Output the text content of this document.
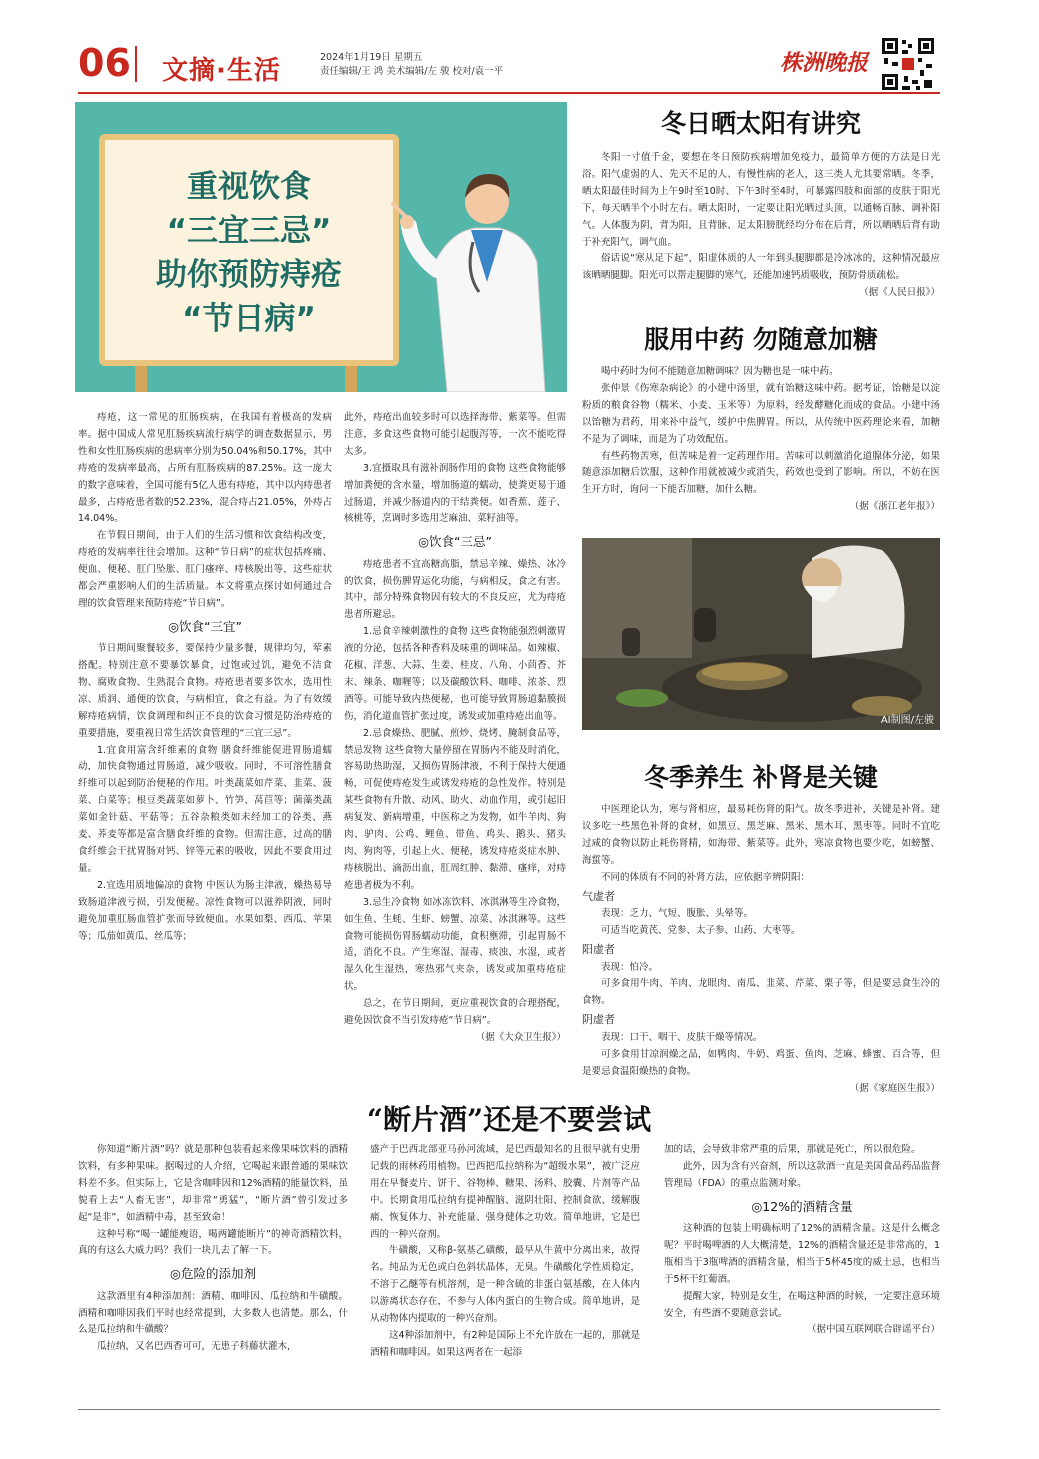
06 文摘·生活	2024年1月19日 星期五
责任编辑/王 鸿 美术编辑/左 骏 校对/袁一平	株洲晚报
重视饮食
“三宜三忌”
助你预防痔疮
“节日病”

痔疮，这一常见的肛肠疾病，在我国有着极高的发病率。据中国成人常见肛肠疾病流行病学的调查数据显示，男性和女性肛肠疾病的患病率分别为50.04%和50.17%，其中痔疮的发病率最高，占所有肛肠疾病的87.25%。这一庞大的数字意味着，全国可能有5亿人患有痔疮，其中以内痔患者最多，占痔疮患者数的52.23%，混合痔占21.05%，外痔占14.04%。

在节假日期间，由于人们的生活习惯和饮食结构改变，痔疮的发病率往往会增加。这种“节日病”的症状包括疼痛、便血、便秘、肛门坠胀、肛门瘙痒、痔核脱出等，这些症状都会严重影响人们的生活质量。本文将重点探讨如何通过合理的饮食管理来预防痔疮“节日病”。

◎饮食“三宜”

节日期间聚餐较多，要保持少量多餐，规律均匀，荤素搭配。特别注意不要暴饮暴食，过饱或过饥，避免不洁食物、腐败食物、生熟混合食物。痔疮患者要多饮水，选用性凉、质润、通便的饮食，与病相宜，食之有益。为了有效缓解痔疮病情，饮食调理和纠正不良的饮食习惯是防治痔疮的重要措施，要重视日常生活饮食管理的“三宜三忌”。

1.宜食用富含纤维素的食物 膳食纤维能促进胃肠道蠕动，加快食物通过胃肠道，减少吸收。同时，不可溶性膳食纤维可以起到防治便秘的作用。叶类蔬菜如芹菜、韭菜、菠菜、白菜等；根豆类蔬菜如萝卜、竹笋、莴苣等；菌藻类蔬菜如金针菇、平菇等；五谷杂粮类如未经加工的谷类、燕麦、荞麦等都是富含膳食纤维的食物。但需注意，过高的膳食纤维会干扰胃肠对钙、锌等元素的吸收，因此不要食用过量。

2.宜选用质地偏凉的食物 中医认为肠主津液，燥热易导致肠道津液亏损，引发便秘。凉性食物可以滋养阴液，同时避免加重肛肠血管扩张而导致便血。水果如梨、西瓜、苹果等；瓜茄如黄瓜、丝瓜等；

此外，痔疮出血较多时可以选择海带、紫菜等。但需注意，多食这些食物可能引起腹泻等，一次不能吃得太多。

3.宜摄取具有滋补润肠作用的食物 这些食物能够增加粪便的含水量，增加肠道的蠕动，使粪更易于通过肠道，并减少肠道内的干结粪便。如香蕉、莲子、核桃等，烹调时多选用芝麻油、菜籽油等。

◎饮食“三忌”

痔疮患者不宜高糖高脂，禁忌辛辣、燥热、冰冷的饮食，损伤脾胃运化功能，与病相反，食之有害。其中，部分特殊食物因有较大的不良反应，尤为痔疮患者所避忌。

1.忌食辛辣刺激性的食物 这些食物能强烈刺激胃液的分泌，包括各种香料及味重的调味品。如辣椒、花椒、洋葱、大蒜、生姜、桂皮、八角、小茴香、芥末、辣条、咖喱等；以及碳酸饮料、咖啡、浓茶、烈酒等。可能导致内热便秘，也可能导致胃肠道黏膜损伤，消化道血管扩张过度，诱发或加重痔疮出血等。

2.忌食燥热、肥腻、煎炒、烧烤、腌制食品等，禁忌发物 这些食物大量停留在胃肠内不能及时消化，容易助热助湿，又损伤胃肠津液，不利于保持大便通畅，可促使痔疮发生或诱发痔疮的急性发作。特别是某些食物有升散、动风、助火、动血作用，或引起旧病复发、新病增重，中医称之为发物，如牛羊肉、狗肉、驴肉、公鸡、鲤鱼、带鱼、鸡头、鹅头、猪头肉、狗肉等，引起上火、便秘，诱发痔疮炎症水肿、痔核脱出、滴沥出血，肛周红肿、黏滞、瘙痒，对痔疮患者极为不利。

3.忌生冷食物 如冰冻饮料、冰淇淋等生冷食物，如生鱼、生蚝、生虾、螃蟹、凉菜、冰淇淋等。这些食物可能损伤胃肠蠕动功能，食积壅滞，引起胃肠不适，消化不良。产生寒湿、湿毒、痰浊、水湿，或者湿久化生湿热，寒热邪气夹杂，诱发或加重痔疮症状。

总之，在节日期间，更应重视饮食的合理搭配，避免因饮食不当引发痔疮“节日病”。

（据《大众卫生报》）

冬日晒太阳有讲究

冬阳一寸值千金，要想在冬日预防疾病增加免疫力，最简单方便的方法是日光浴。阳气虚弱的人、先天不足的人、有慢性病的老人，这三类人尤其要常晒。冬季，晒太阳最佳时间为上午9时至10时、下午3时至4时，可暴露四肢和面部的皮肤于阳光下，每天晒半个小时左右。晒太阳时，一定要让阳光晒过头顶，以通畅百脉、调补阳气。人体腹为阴，背为阳，且背脉、足太阳膀胱经均分布在后背，所以晒晒后背有助于补充阳气，调气血。

俗话说“寒从足下起”，阳虚体质的人一年到头腿脚都是冷冰冰的，这种情况最应该晒晒腿脚。阳光可以帮走腿脚的寒气，还能加速钙质吸收，预防骨质疏松。

（据《人民日报》）

服用中药 勿随意加糖

喝中药时为何不能随意加糖调味？因为糖也是一味中药。

张仲景《伤寒杂病论》的小建中汤里，就有饴糖这味中药。据考证，饴糖是以淀粉质的粮食谷物（糯米、小麦、玉米等）为原料，经发酵糖化而成的食品。小建中汤以饴糖为君药，用来补中益气，缓护中焦脾胃。所以，从传统中医药理论来看，加糖不是为了调味，而是为了功效配伍。

有些药物苦寒，但苦味是着一定药理作用。苦味可以刺激消化道腺体分泌，如果随意添加糖后饮服，这种作用就被减少或消失，药效也受到了影响。所以，不妨在医生开方时，询问一下能否加糖，加什么糖。

（据《浙江老年报》）

AI制图/左骏
冬季养生 补肾是关键

中医理论认为，寒与肾相应，最易耗伤肾的阳气。故冬季进补，关键是补肾。建议多吃一些黑色补肾的食材，如黑豆、黑芝麻、黑米、黑木耳、黑枣等。同时不宜吃过咸的食物以防止耗伤肾精，如海带、紫菜等。此外，寒凉食物也要少吃，如螃蟹、海蜇等。

不同的体质有不同的补肾方法，应依据辛辨阴阳：

气虚者

表现：乏力、气短、腹胀、头晕等。

可适当吃黄芪、党参、太子参、山药、大枣等。

阳虚者

表现：怕冷。

可多食用牛肉、羊肉、龙眼肉、南瓜、韭菜、芹菜、栗子等，但是要忌食生冷的食物。

阴虚者

表现：口干、咽干、皮肤干燥等情况。

可多食用甘凉润燥之品，如鸭肉、牛奶、鸡蛋、鱼肉、芝麻、蜂蜜、百合等，但是要忌食温阳燥热的食物。

（据《家庭医生报》）

“断片酒”还是不要尝试

你知道“断片酒”吗？就是那种包装看起来像果味饮料的酒精饮料，有多种果味。据喝过的人介绍，它喝起来跟普通的果味饮料差不多。但实际上，它是含咖啡因和12%酒精的能量饮料，虽貌看上去“人畜无害”，却非常“勇猛”，“断片酒”曾引发过多起“是非”，如酒精中毒，甚至致命！

这种号称“喝一罐能瘦语，喝两罐能断片”的神奇酒精饮料，真的有这么大威力吗？我们一块儿去了解一下。

◎危险的添加剂

这款酒里有4种添加剂：酒精、咖啡因、瓜拉纳和牛磺酸。酒精和咖啡因我们平时也经常提到，大多数人也清楚。那么，什么是瓜拉纳和牛磺酸？

瓜拉纳，又名巴西香可可，无患子科藤状灌木，

盛产于巴西北部亚马孙河流域，是巴西最知名的且很早就有史册记载的雨林药用植物。巴西把瓜拉纳称为“超级水果”，被广泛应用在早餐麦片、饼干、谷物棒、糖果、汤料、胶囊、片剂等产品中。长期食用瓜拉纳有提神醒脑、滋阴壮阳、控制食欲、缓解腹痛、恢复体力、补充能量、强身健体之功效。简单地讲，它是巴西的一种兴奋剂。

牛磺酸，又称β-氨基乙磺酸，最早从牛黄中分离出来，故得名。纯品为无色或白色斜状晶体，无臭。牛磺酸化学性质稳定，不溶于乙醚等有机溶剂，是一种含硫的非蛋白氨基酸，在人体内以游离状态存在，不参与人体内蛋白的生物合成。简单地讲，是从动物体内提取的一种兴奋剂。

这4种添加剂中，有2种是国际上不允许放在一起的，那就是酒精和咖啡因。如果这两者在一起添

加的话，会导致非常严重的后果，那就是死亡，所以很危险。

此外，因为含有兴奋剂，所以这款酒一直是美国食品药品监督管理局（FDA）的重点监测对象。

◎12%的酒精含量

这种酒的包装上明确标明了12%的酒精含量。这是什么概念呢？平时喝啤酒的人大概清楚，12%的酒精含量还是非常高的，1瓶相当于3瓶啤酒的酒精含量，相当于5杯45度的威士忌，也相当于5杯干红葡酒。

提醒大家，特别是女生，在喝这种酒的时候，一定要注意环境安全，有些酒不要随意尝试。

（据中国互联网联合辟谣平台）
